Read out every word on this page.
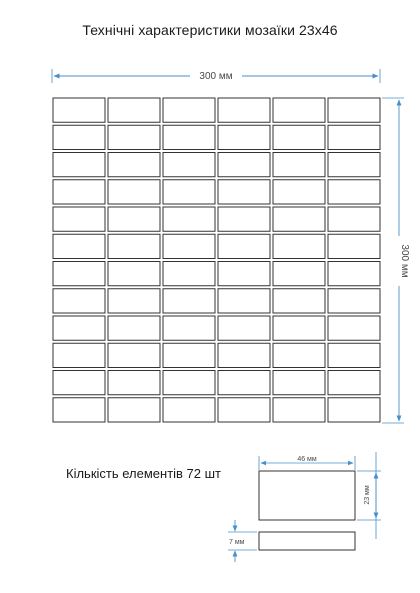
Технічні характеристики мозаїки 23х46
300 мм
300 мм
46 мм
23 мм
7 мм
Кількість елементів 72 шт
